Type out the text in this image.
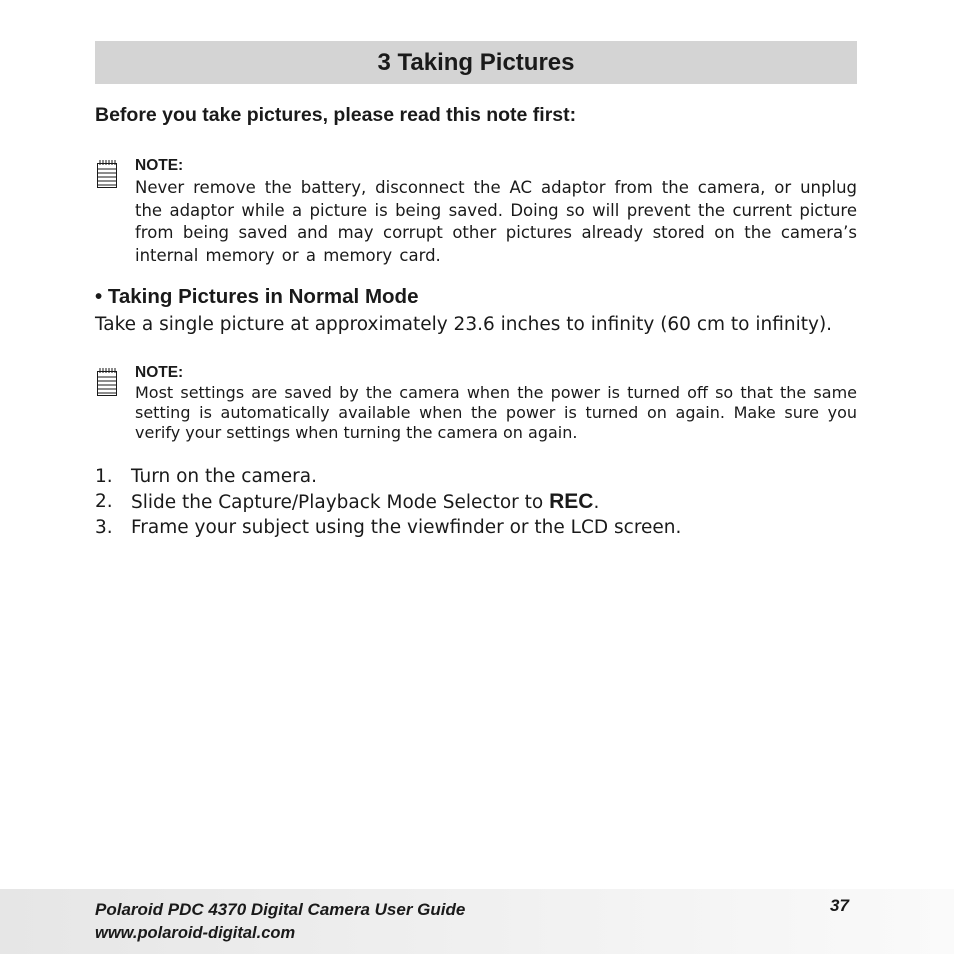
3 Taking Pictures
Before you take pictures, please read this note first:
NOTE:

Never remove the battery, disconnect the AC adaptor from the camera, or unplug the adaptor while a picture is being saved. Doing so will prevent the current picture from being saved and may corrupt other pictures already stored on the camera’s internal memory or a memory card.

• Taking Pictures in Normal Mode

Take a single picture at approximately 23.6 inches to infinity (60 cm to infinity).

NOTE:

Most settings are saved by the camera when the power is turned off so that the same setting is automatically available when the power is turned on again. Make sure you verify your settings when turning the camera on again.

1. Turn on the camera.
2. Slide the Capture/Playback Mode Selector to REC.
3. Frame your subject using the viewfinder or the LCD screen.
Polaroid PDC 4370 Digital Camera User Guide
www.polaroid-digital.com
37
